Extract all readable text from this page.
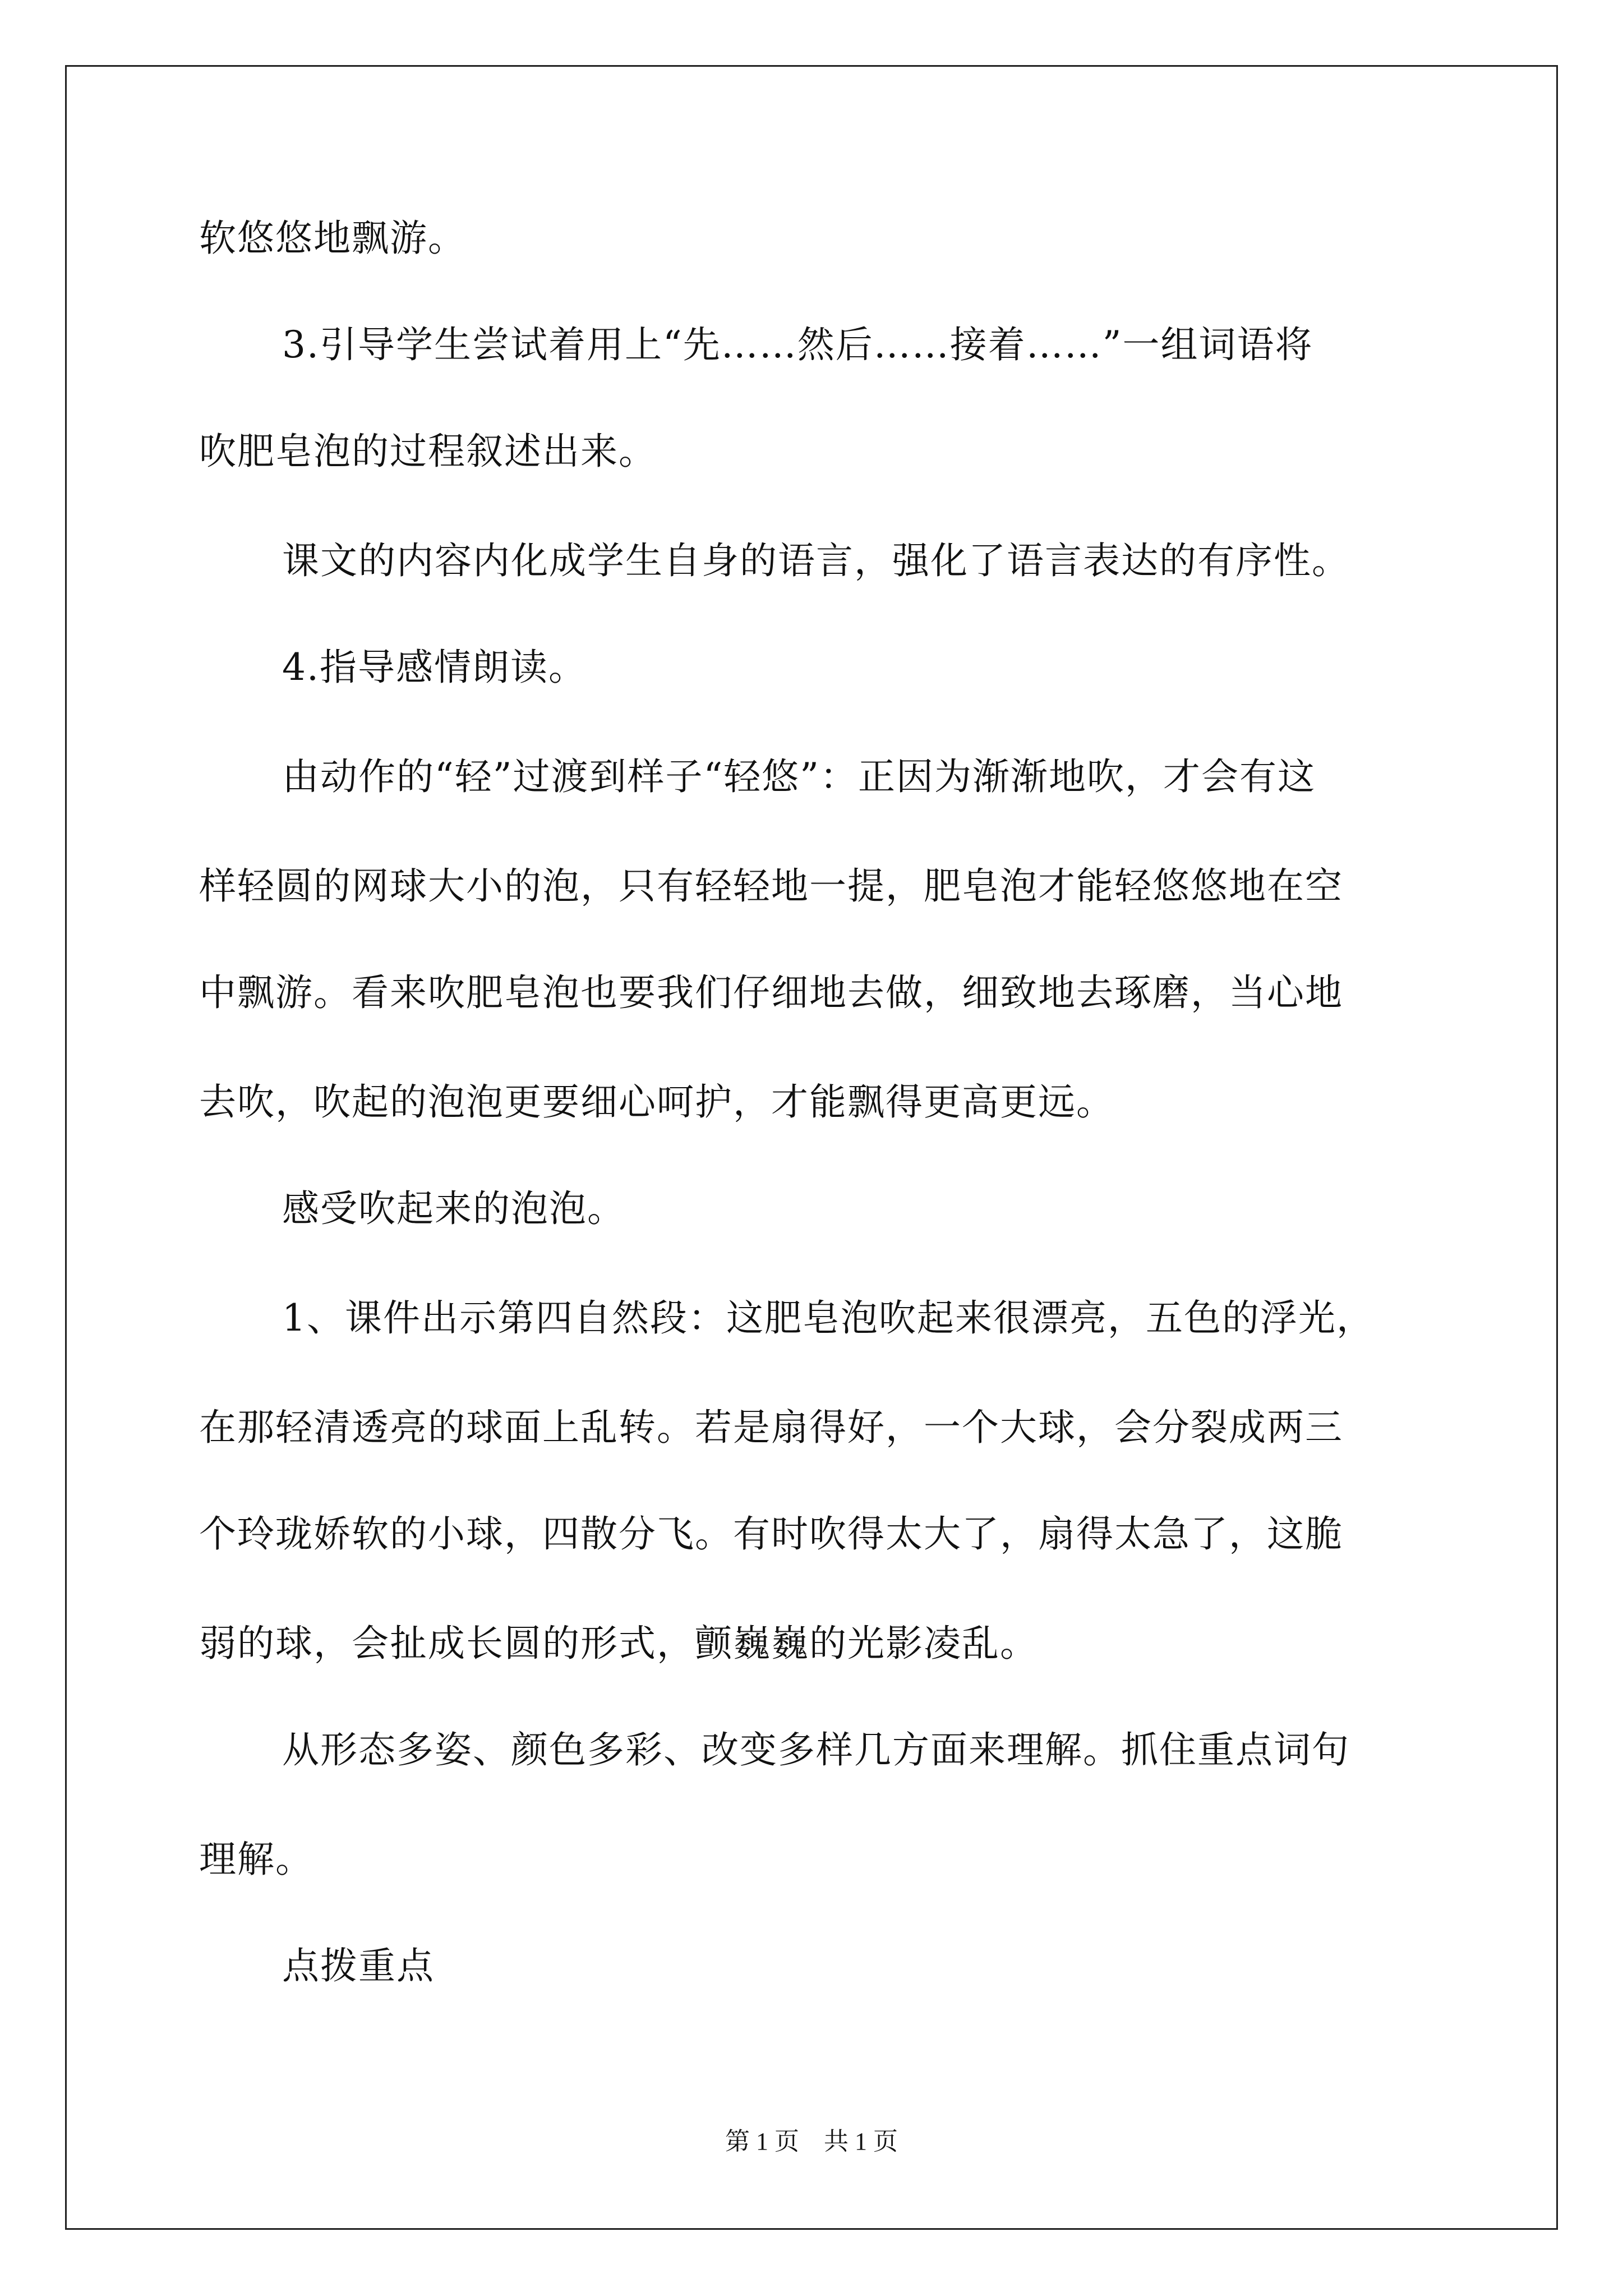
软悠悠地飘游。
3.引导学生尝试着用上“先……然后……接着……”一组词语将
吹肥皂泡的过程叙述出来。
课文的内容内化成学生自身的语言，强化了语言表达的有序性。
4.指导感情朗读。
由动作的“轻”过渡到样子“轻悠”：正因为渐渐地吹，才会有这
样轻圆的网球大小的泡，只有轻轻地一提，肥皂泡才能轻悠悠地在空
中飘游。看来吹肥皂泡也要我们仔细地去做，细致地去琢磨，当心地
去吹，吹起的泡泡更要细心呵护，才能飘得更高更远。
感受吹起来的泡泡。
1、课件出示第四自然段：这肥皂泡吹起来很漂亮，五色的浮光，
在那轻清透亮的球面上乱转。若是扇得好，一个大球，会分裂成两三
个玲珑娇软的小球，四散分飞。有时吹得太大了，扇得太急了，这脆
弱的球，会扯成长圆的形式，颤巍巍的光影凌乱。
从形态多姿、颜色多彩、改变多样几方面来理解。抓住重点词句
理解。
点拨重点
第 1 页    共 1 页
